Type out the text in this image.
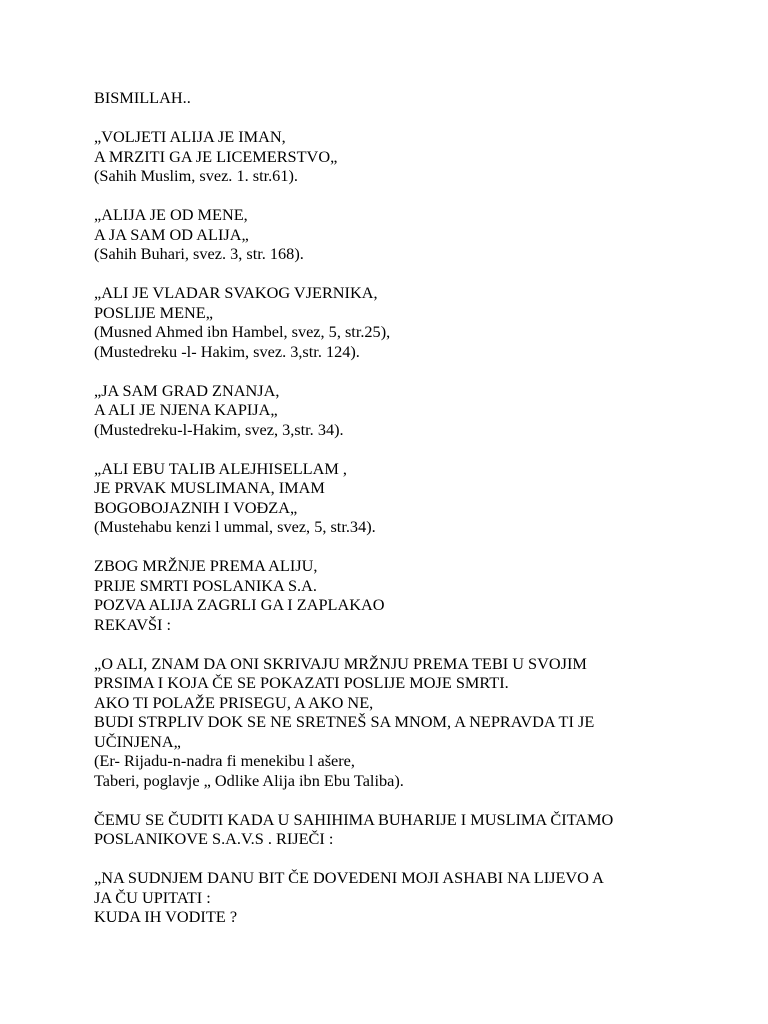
BISMILLAH..
„VOLJETI ALIJA JE IMAN,
A MRZITI GA JE LICEMERSTVO„
(Sahih Muslim, svez. 1. str.61).
„ALIJA JE OD MENE,
A JA SAM OD ALIJA„
(Sahih Buhari, svez. 3, str. 168).
„ALI JE VLADAR SVAKOG VJERNIKA,
POSLIJE MENE„
(Musned Ahmed ibn Hambel, svez, 5, str.25),
(Mustedreku -l- Hakim, svez. 3,str. 124).
„JA SAM GRAD ZNANJA,
A ALI JE NJENA KAPIJA„
(Mustedreku-l-Hakim, svez, 3,str. 34).
„ALI EBU TALIB ALEJHISELLAM ,
JE PRVAK MUSLIMANA, IMAM
BOGOBOJAZNIH I VOĐZA„
(Mustehabu kenzi l ummal, svez, 5, str.34).
ZBOG MRŽNJE PREMA ALIJU,
PRIJE SMRTI POSLANIKA S.A.
POZVA ALIJA ZAGRLI GA I ZAPLAKAO
REKAVŠI :
„O ALI, ZNAM DA ONI SKRIVAJU MRŽNJU PREMA TEBI U SVOJIM
PRSIMA I KOJA ČE SE POKAZATI POSLIJE MOJE SMRTI.
AKO TI POLAŽE PRISEGU, A AKO NE,
BUDI STRPLIV DOK SE NE SRETNEŠ SA MNOM, A NEPRAVDA TI JE
UČINJENA„
(Er- Rijadu-n-nadra fi menekibu l ašere,
Taberi, poglavje „ Odlike Alija ibn Ebu Taliba).
ČEMU SE ČUDITI KADA U SAHIHIMA BUHARIJE I MUSLIMA ČITAMO
POSLANIKOVE S.A.V.S . RIJEČI :
„NA SUDNJEM DANU BIT ČE DOVEDENI MOJI ASHABI NA LIJEVO A
JA ČU UPITATI :
KUDA IH VODITE ?
